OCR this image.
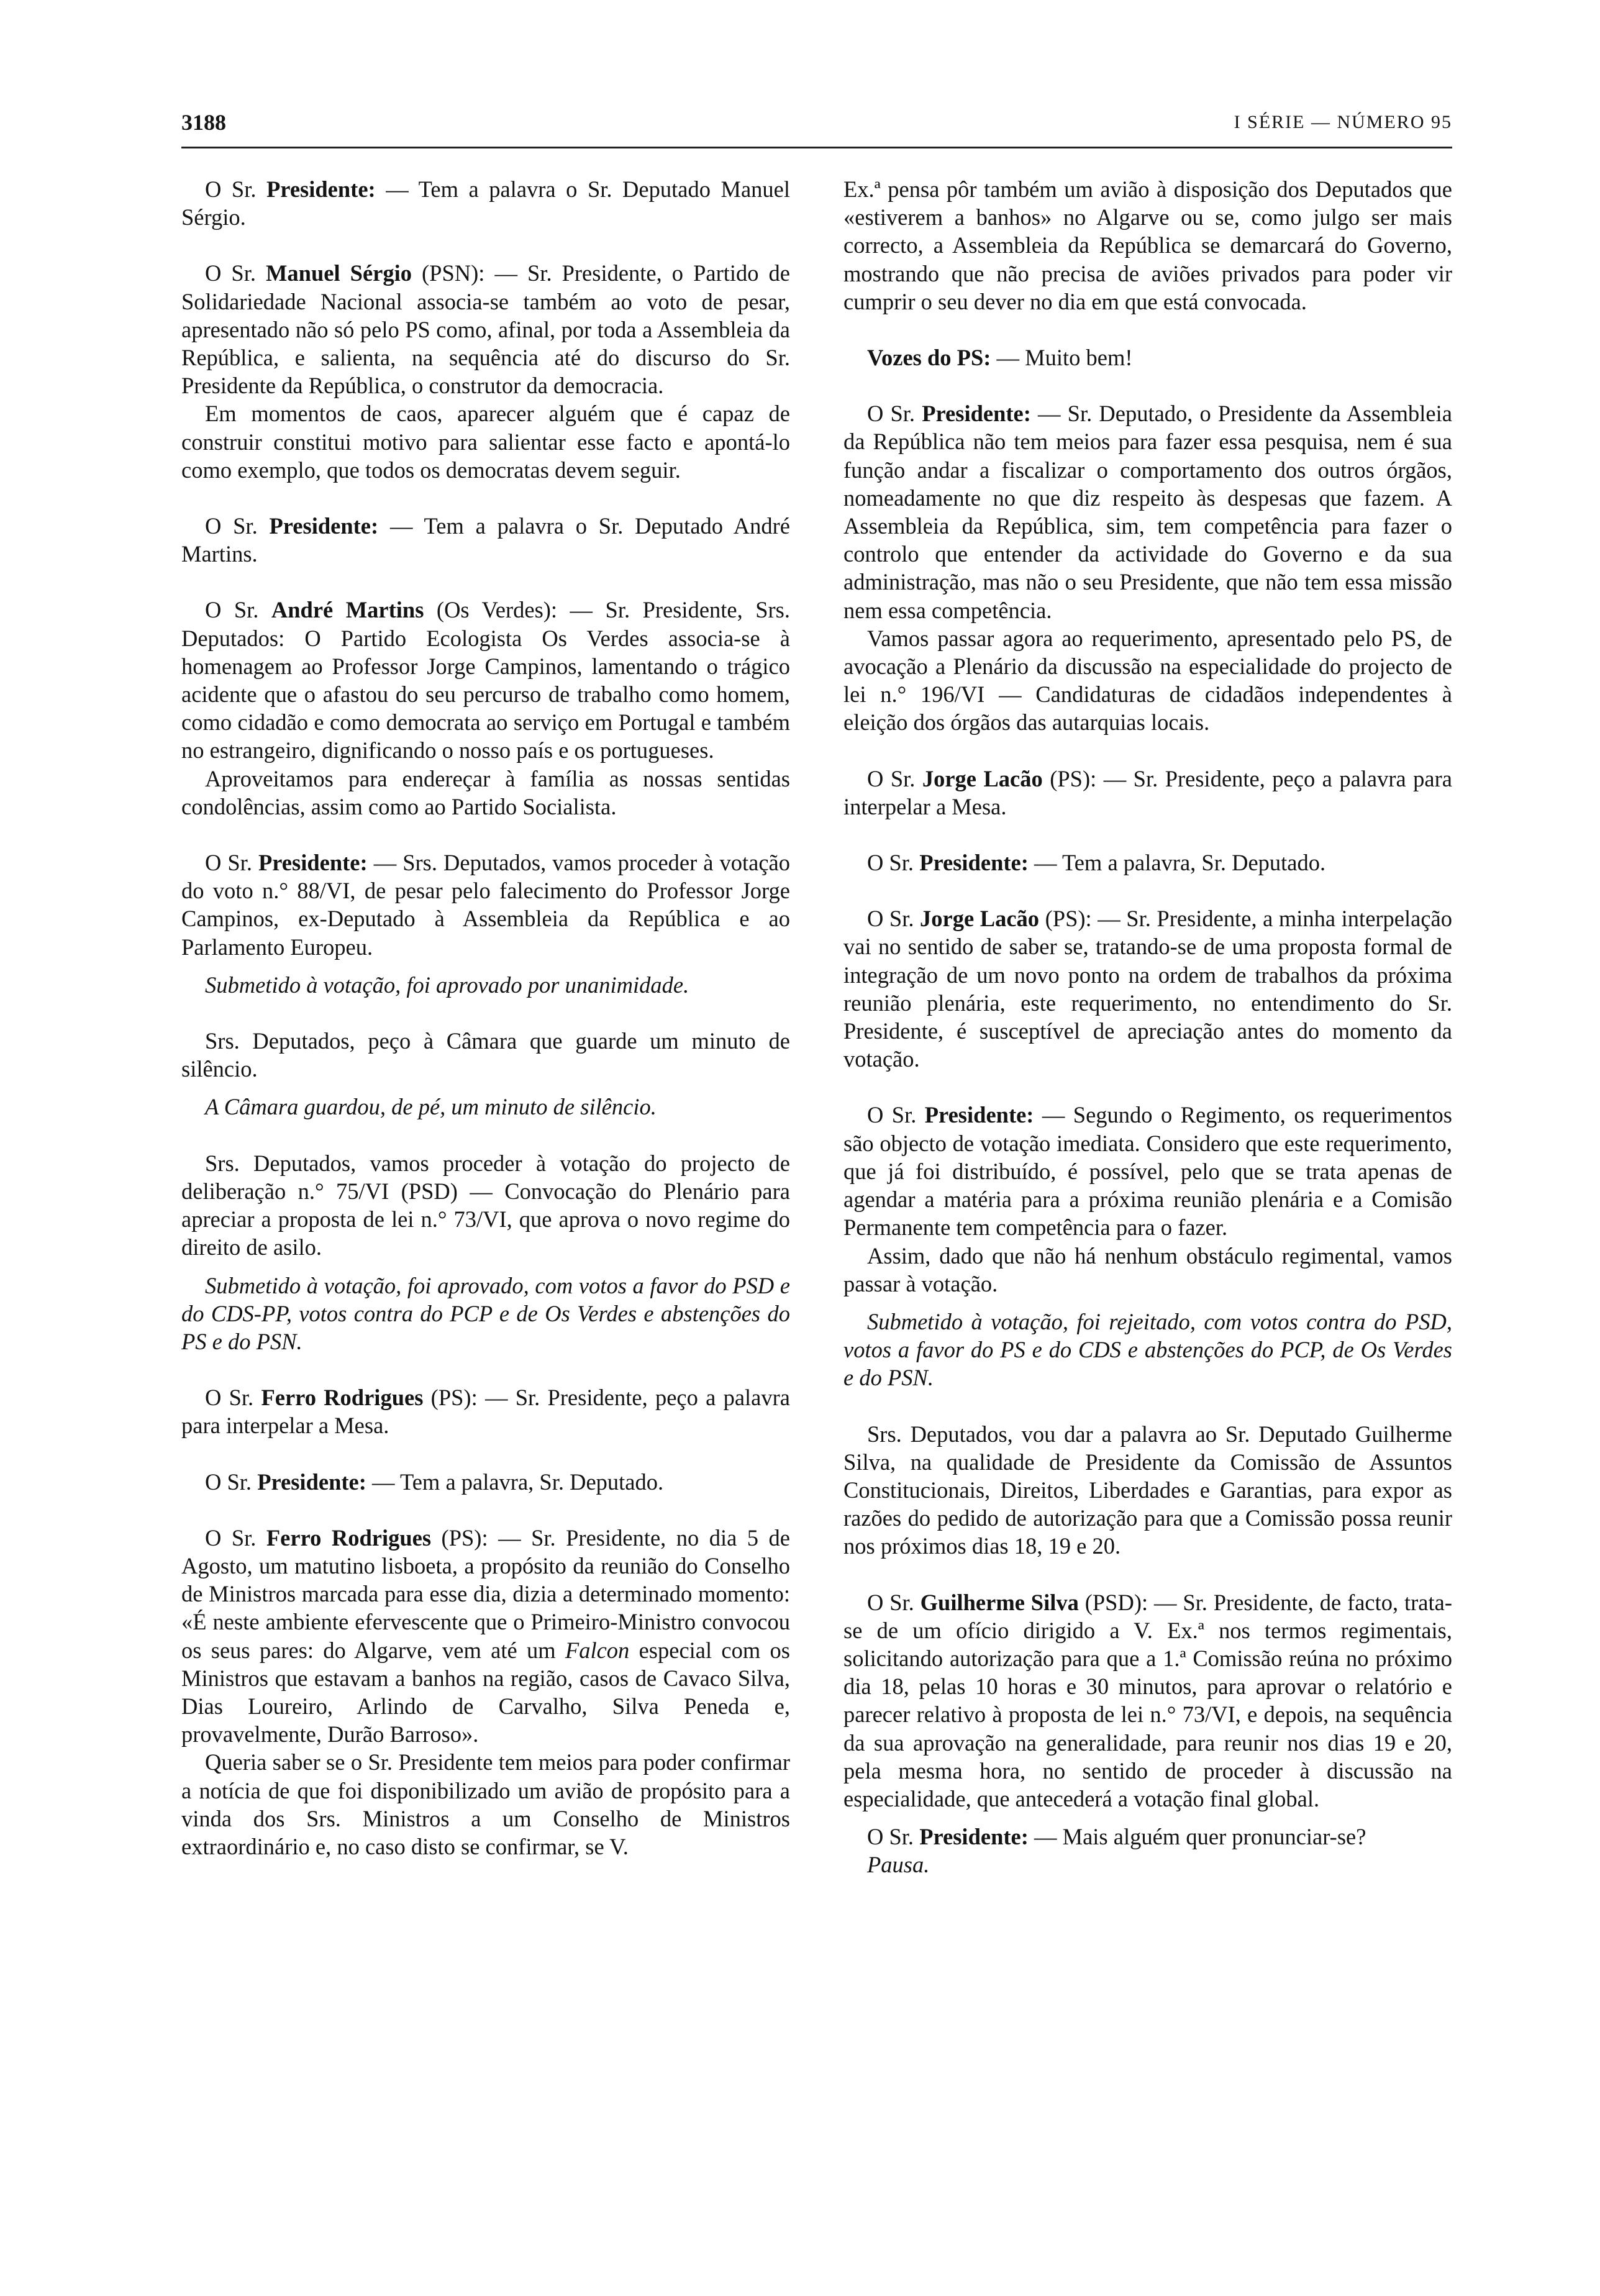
3188	I SÉRIE — NÚMERO 95

O Sr. Presidente: — Tem a palavra o Sr. Deputado Manuel Sérgio.

O Sr. Manuel Sérgio (PSN): — Sr. Presidente, o Partido de Solidariedade Nacional associa-se também ao voto de pesar, apresentado não só pelo PS como, afinal, por toda a Assembleia da República, e salienta, na sequência até do discurso do Sr. Presidente da República, o construtor da democracia.

Em momentos de caos, aparecer alguém que é capaz de construir constitui motivo para salientar esse facto e apontá-lo como exemplo, que todos os democratas devem seguir.

O Sr. Presidente: — Tem a palavra o Sr. Deputado André Martins.

O Sr. André Martins (Os Verdes): — Sr. Presidente, Srs. Deputados: O Partido Ecologista Os Verdes associa-se à homenagem ao Professor Jorge Campinos, lamentando o trágico acidente que o afastou do seu percurso de trabalho como homem, como cidadão e como democrata ao serviço em Portugal e também no estrangeiro, dignificando o nosso país e os portugueses.

Aproveitamos para endereçar à família as nossas sentidas condolências, assim como ao Partido Socialista.

O Sr. Presidente: — Srs. Deputados, vamos proceder à votação do voto n.° 88/VI, de pesar pelo falecimento do Professor Jorge Campinos, ex-Deputado à Assembleia da República e ao Parlamento Europeu.

Submetido à votação, foi aprovado por unanimidade.

Srs. Deputados, peço à Câmara que guarde um minuto de silêncio.

A Câmara guardou, de pé, um minuto de silêncio.

Srs. Deputados, vamos proceder à votação do projecto de deliberação n.° 75/VI (PSD) — Convocação do Plenário para apreciar a proposta de lei n.° 73/VI, que aprova o novo regime do direito de asilo.

Submetido à votação, foi aprovado, com votos a favor do PSD e do CDS-PP, votos contra do PCP e de Os Verdes e abstenções do PS e do PSN.

O Sr. Ferro Rodrigues (PS): — Sr. Presidente, peço a palavra para interpelar a Mesa.

O Sr. Presidente: — Tem a palavra, Sr. Deputado.

O Sr. Ferro Rodrigues (PS): — Sr. Presidente, no dia 5 de Agosto, um matutino lisboeta, a propósito da reunião do Conselho de Ministros marcada para esse dia, dizia a determinado momento: «É neste ambiente efervescente que o Primeiro-Ministro convocou os seus pares: do Algarve, vem até um Falcon especial com os Ministros que estavam a banhos na região, casos de Cavaco Silva, Dias Loureiro, Arlindo de Carvalho, Silva Peneda e, provavelmente, Durão Barroso».

Queria saber se o Sr. Presidente tem meios para poder confirmar a notícia de que foi disponibilizado um avião de propósito para a vinda dos Srs. Ministros a um Conselho de Ministros extraordinário e, no caso disto se confirmar, se V.

Ex.ª pensa pôr também um avião à disposição dos Deputados que «estiverem a banhos» no Algarve ou se, como julgo ser mais correcto, a Assembleia da República se demarcará do Governo, mostrando que não precisa de aviões privados para poder vir cumprir o seu dever no dia em que está convocada.

Vozes do PS: — Muito bem!

O Sr. Presidente: — Sr. Deputado, o Presidente da Assembleia da República não tem meios para fazer essa pesquisa, nem é sua função andar a fiscalizar o comportamento dos outros órgãos, nomeadamente no que diz respeito às despesas que fazem. A Assembleia da República, sim, tem competência para fazer o controlo que entender da actividade do Governo e da sua administração, mas não o seu Presidente, que não tem essa missão nem essa competência.

Vamos passar agora ao requerimento, apresentado pelo PS, de avocação a Plenário da discussão na especialidade do projecto de lei n.° 196/VI — Candidaturas de cidadãos independentes à eleição dos órgãos das autarquias locais.

O Sr. Jorge Lacão (PS): — Sr. Presidente, peço a palavra para interpelar a Mesa.

O Sr. Presidente: — Tem a palavra, Sr. Deputado.

O Sr. Jorge Lacão (PS): — Sr. Presidente, a minha interpelação vai no sentido de saber se, tratando-se de uma proposta formal de integração de um novo ponto na ordem de trabalhos da próxima reunião plenária, este requerimento, no entendimento do Sr. Presidente, é susceptível de apreciação antes do momento da votação.

O Sr. Presidente: — Segundo o Regimento, os requerimentos são objecto de votação imediata. Considero que este requerimento, que já foi distribuído, é possível, pelo que se trata apenas de agendar a matéria para a próxima reunião plenária e a Comisão Permanente tem competência para o fazer.

Assim, dado que não há nenhum obstáculo regimental, vamos passar à votação.

Submetido à votação, foi rejeitado, com votos contra do PSD, votos a favor do PS e do CDS e abstenções do PCP, de Os Verdes e do PSN.

Srs. Deputados, vou dar a palavra ao Sr. Deputado Guilherme Silva, na qualidade de Presidente da Comissão de Assuntos Constitucionais, Direitos, Liberdades e Garantias, para expor as razões do pedido de autorização para que a Comissão possa reunir nos próximos dias 18, 19 e 20.

O Sr. Guilherme Silva (PSD): — Sr. Presidente, de facto, trata-se de um ofício dirigido a V. Ex.ª nos termos regimentais, solicitando autorização para que a 1.ª Comissão reúna no próximo dia 18, pelas 10 horas e 30 minutos, para aprovar o relatório e parecer relativo à proposta de lei n.° 73/VI, e depois, na sequência da sua aprovação na generalidade, para reunir nos dias 19 e 20, pela mesma hora, no sentido de proceder à discussão na especialidade, que antecederá a votação final global.

O Sr. Presidente: — Mais alguém quer pronunciar-se?

Pausa.
